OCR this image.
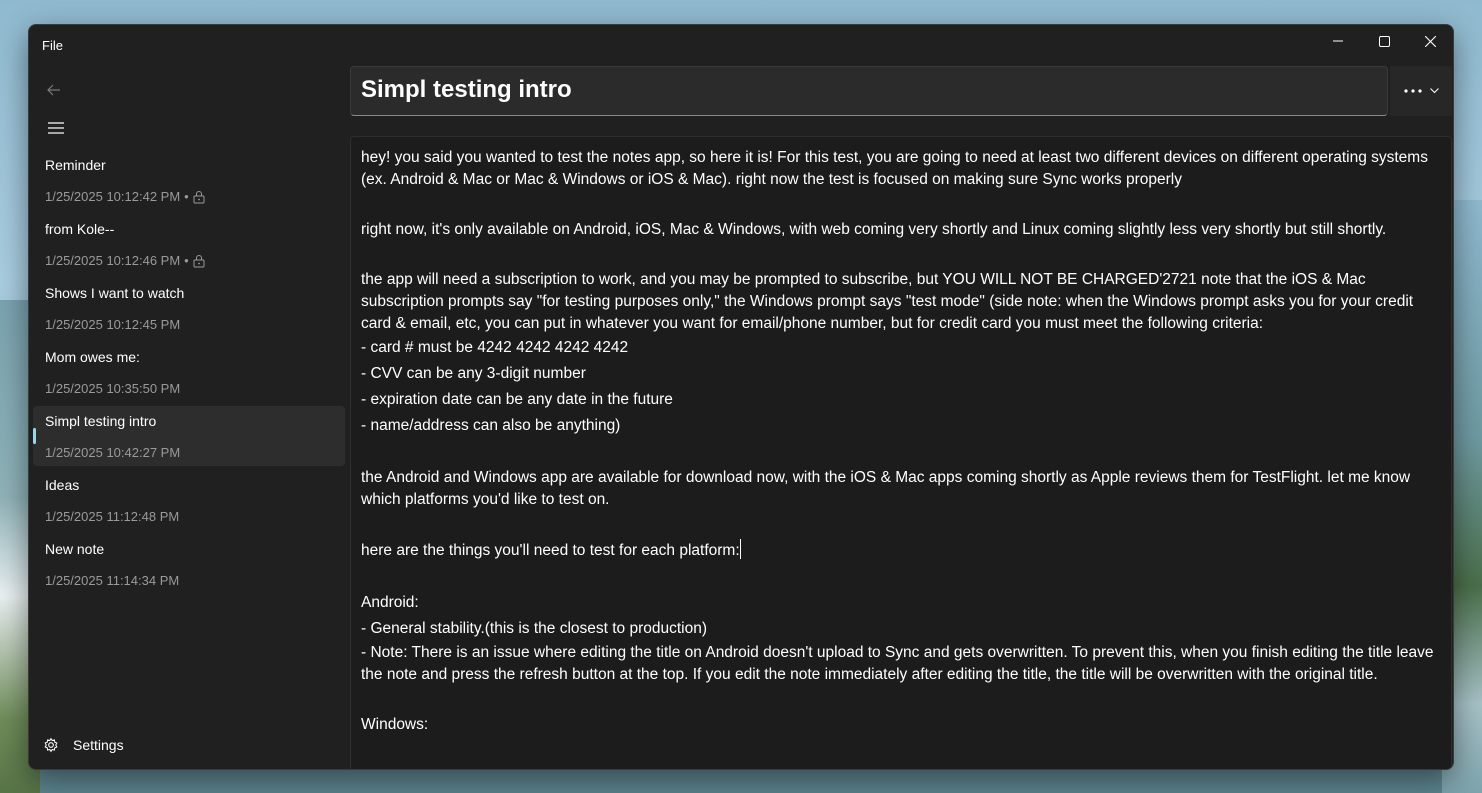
File
Reminder
1/25/2025 10:12:42 PM •
from Kole--
1/25/2025 10:12:46 PM •
Shows I want to watch
1/25/2025 10:12:45 PM
Mom owes me:
1/25/2025 10:35:50 PM
Simpl testing intro
1/25/2025 10:42:27 PM
Ideas
1/25/2025 11:12:48 PM
New note
1/25/2025 11:14:34 PM
Settings
Simpl testing intro

hey! you said you wanted to test the notes app, so here it is! For this test, you are going to need at least two different devices on different operating systems (ex. Android & Mac or Mac & Windows or iOS & Mac). right now the test is focused on making sure Sync works properly

right now, it's only available on Android, iOS, Mac & Windows, with web coming very shortly and Linux coming slightly less very shortly but still shortly.

the app will need a subscription to work, and you may be prompted to subscribe, but YOU WILL NOT BE CHARGED'2721 note that the iOS & Mac subscription prompts say "for testing purposes only," the Windows prompt says "test mode" (side note: when the Windows prompt asks you for your credit card & email, etc, you can put in whatever you want for email/phone number, but for credit card you must meet the following criteria:

- card # must be 4242 4242 4242 4242

- CVV can be any 3-digit number

- expiration date can be any date in the future

- name/address can also be anything)

the Android and Windows app are available for download now, with the iOS & Mac apps coming shortly as Apple reviews them for TestFlight. let me know which platforms you'd like to test on.

here are the things you'll need to test for each platform:

Android:

- General stability.(this is the closest to production)

- Note: There is an issue where editing the title on Android doesn't upload to Sync and gets overwritten. To prevent this, when you finish editing the title leave the note and press the refresh button at the top. If you edit the note immediately after editing the title, the title will be overwritten with the original title.

Windows:
